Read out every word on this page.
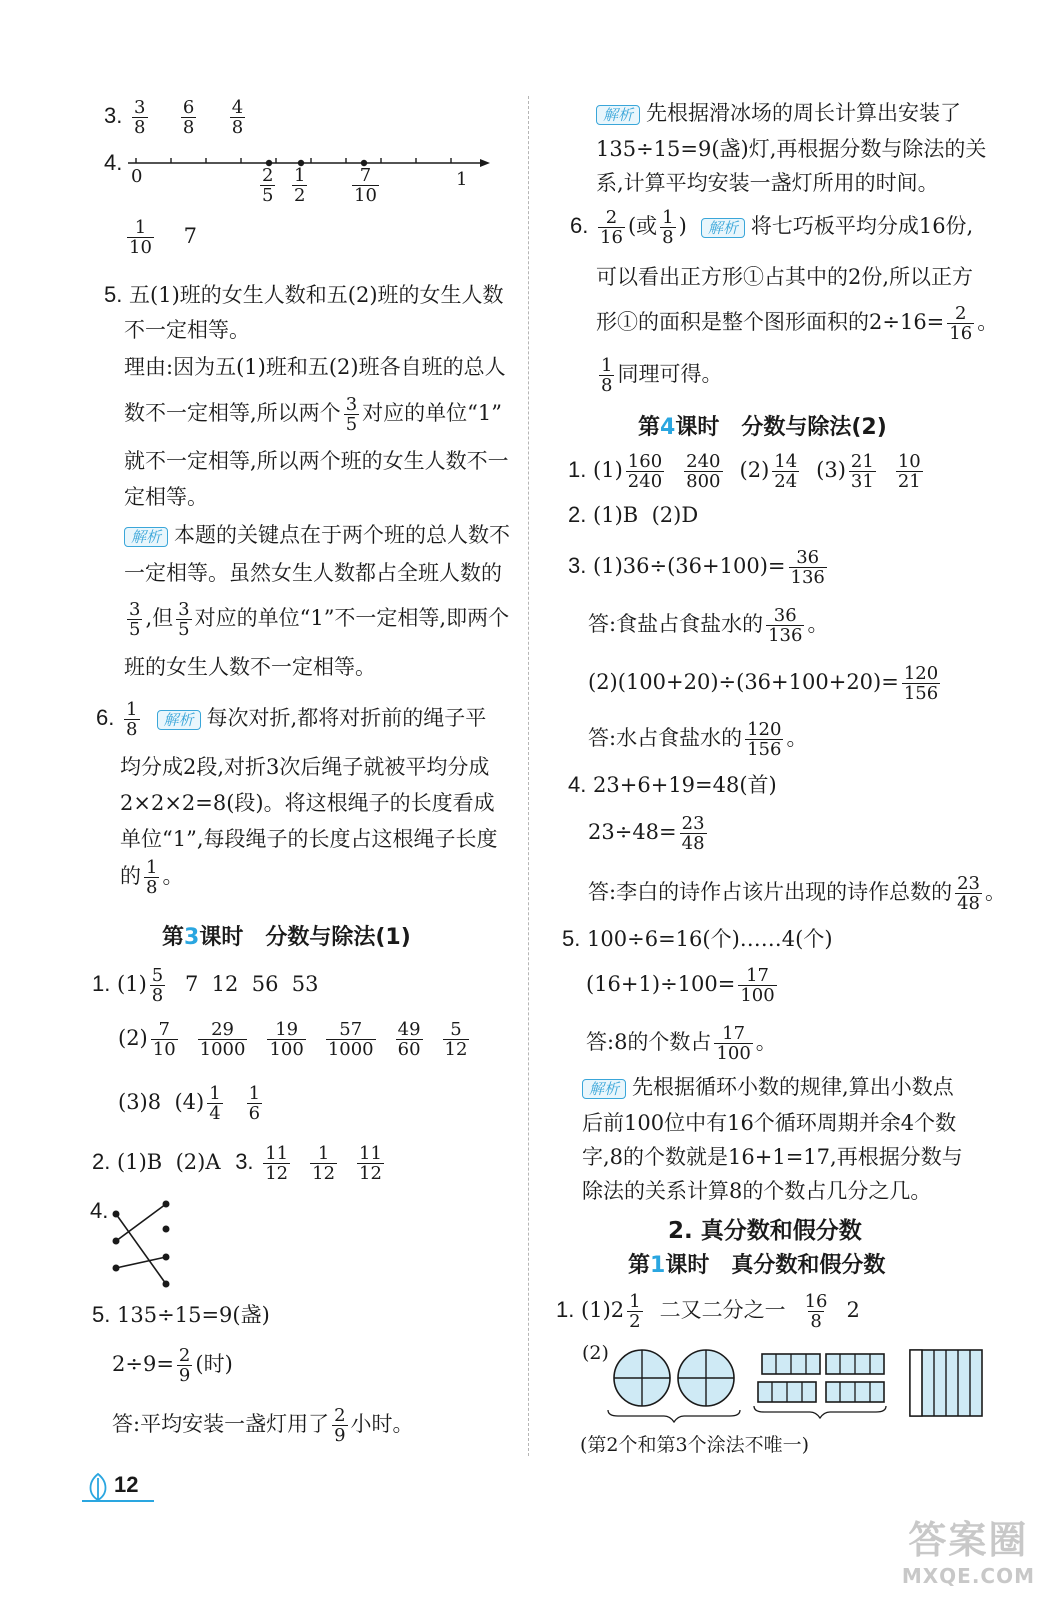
3. $\frac{3}{8}$
$\frac{6}{8}$
$\frac{4}{8}$
4.
0	$\frac{2}{5} \frac{1}{2} \frac{7}{10}$	1
$\frac{1}{10} 7$
5. 五(1)班的女生人数和五(2)班的女生人数
不一定相等。
理由:因为五(1)班和五(2)班各自班的总人
数不一定相等,所以两个 $\frac{3}{5}$ 对应的单位“1”
就不一定相等,所以两个班的女生人数不一
定相等。
解析 本题的关键点在于两个班的总人数不
一定相等。虽然女生人数都占全班人数的
$\frac{3}{5}$ ,但 $\frac{3}{5}$ 对应的单位“1”不一定相等,即两个
班的女生人数不一定相等。
6. $\frac{1}{8}$ 解析 每次对折,都将对折前的绳子平
均分成2段,对折3次后绳子就被平均分成
2×2×2=8(段)。将这根绳子的长度看成
单位“1”,每段绳子的长度占这根绳子长度
的 $\frac{1}{8}$ 。
第3课时 分数与除法(1)
1. $(1) \frac{5}{8} 7$  12  56  53
$(2) \frac{7}{10} \frac{29}{1000} \frac{19}{100} \frac{57}{1000} \frac{49}{60} \frac{5}{12}$
(3)8  $(4) \frac{1}{4} \frac{1}{6}$
2. (1)B  (2)A 3. $\frac{11}{12} \frac{1}{12} \frac{11}{12}$
4.
5. 135÷15=9(盏)
$2\div 9= \frac{2}{9}$ (时)
答:平均安装一盏灯用了 $\frac{2}{9}$ 小时。
12
解析 先根据滑冰场的周长计算出安装了
135÷15=9(盏)灯,再根据分数与除法的关
系,计算平均安装一盏灯所用的时间。
6. $\frac{2}{16}$ (或 $\frac{1}{8}$ ) 解析 将七巧板平均分成16份,
可以看出正方形①占其中的2份,所以正方
形①的面积是整个图形面积的$2\div 16= \frac{2}{16}$ 。
$\frac{1}{8}$ 同理可得。
第4课时 分数与除法(2)
1. $(1) \frac{160}{240} \frac{240}{800} (2) \frac{14}{24} (3) \frac{21}{31} \frac{10}{21}$
2. (1)B  (2)D
3. $(1)36\div(36+100)= \frac{36}{136}$
答:食盐占食盐水的 $\frac{36}{136}$ 。
$(2)(100+20)\div(36+100+20)= \frac{120}{156}$
答:水占食盐水的 $\frac{120}{156}$ 。
4. 23+6+19=48(首)
$23\div 48= \frac{23}{48}$
答:李白的诗作占该片出现的诗作总数的 $\frac{23}{48}$ 。
5. 100÷6=16(个)……4(个)
$(16+1)\div 100= \frac{17}{100}$
答:8的个数占 $\frac{17}{100}$ 。
解析 先根据循环小数的规律,算出小数点
后前100位中有16个循环周期并余4个数
字,8的个数就是16+1=17,再根据分数与
除法的关系计算8的个数占几分之几。
2. 真分数和假分数
第1课时 真分数和假分数
1. $(1)2 \frac{1}{2}$ 二又二分之一 $\frac{16}{8} 2$
(2)
(第2个和第3个涂法不唯一)
答案圈
MXQE.COM
